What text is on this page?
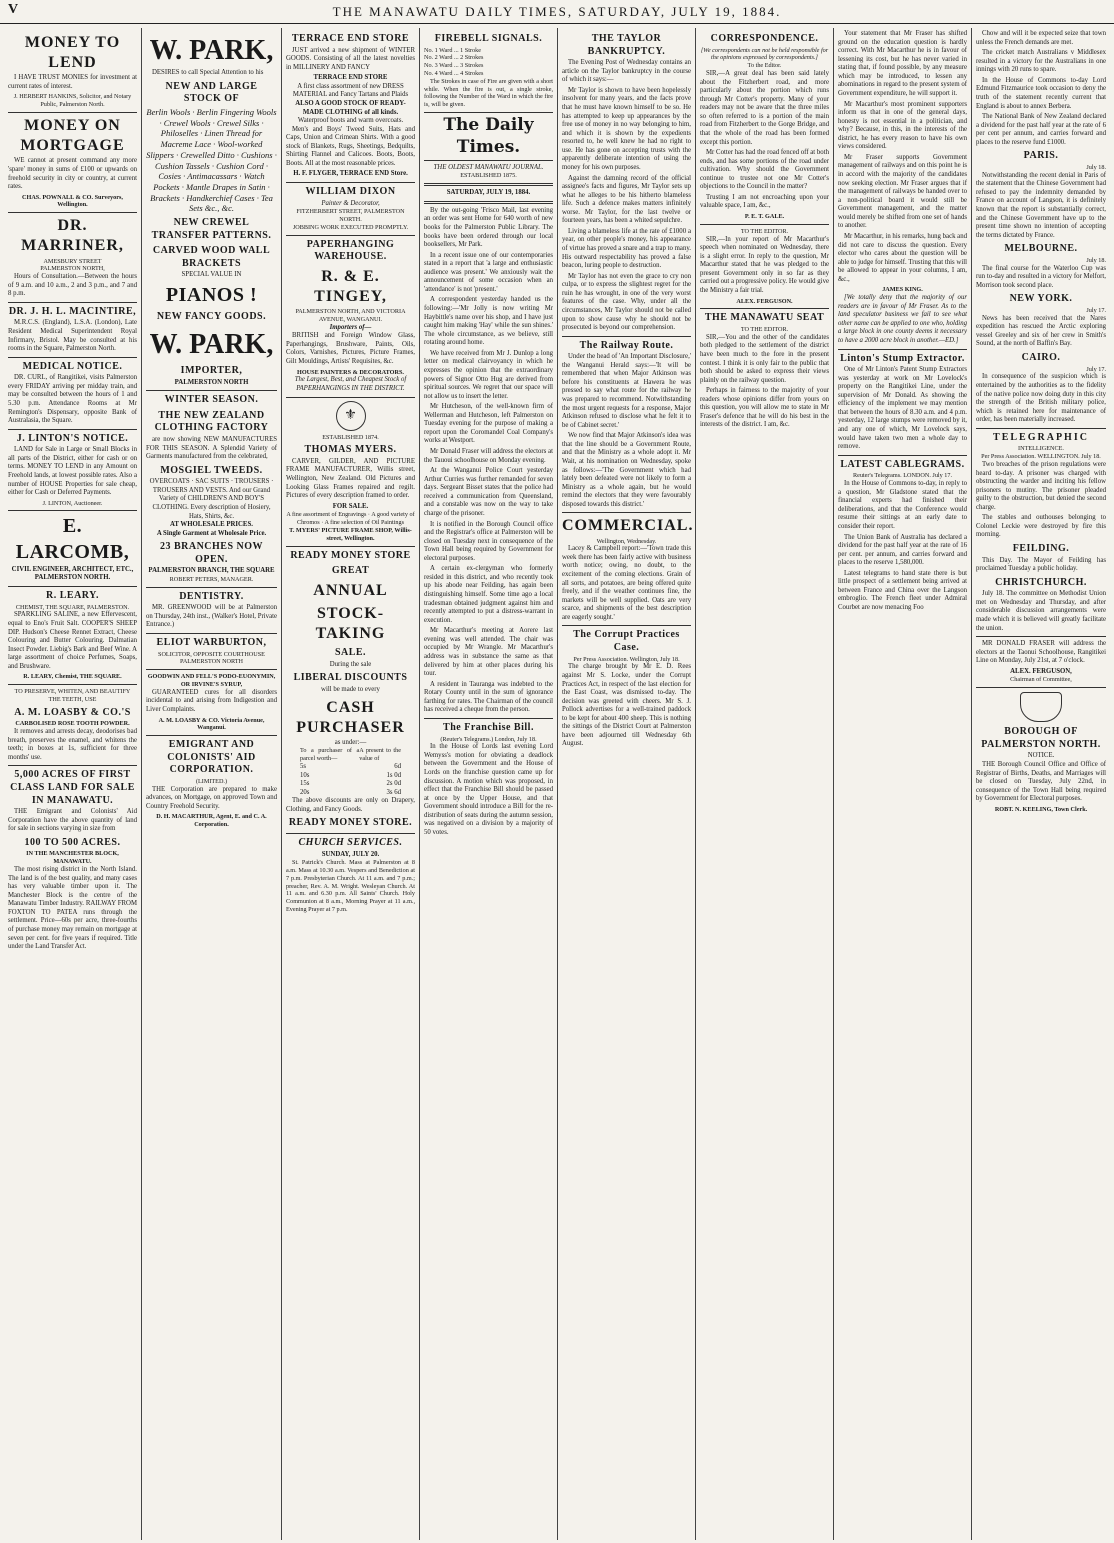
V	THE MANAWATU DAILY TIMES, SATURDAY, JULY 19, 1884.
MONEY TO LEND

I HAVE TRUST MONIES for investment at current rates of interest.

J. HERBERT HANKINS, Solicitor, and Notary Public, Palmerston North.
MONEY ON MORTGAGE

WE cannot at present command any more 'spare' money in sums of £100 or upwards on freehold security in city or country, at current rates.

CHAS. POWNALL & CO. Surveyors, Wellington.
DR. MARRINER,
AMESBURY STREET
PALMERSTON NORTH,

Hours of Consultation.—Between the hours of 9 a.m. and 10 a.m., 2 and 3 p.m., and 7 and 8 p.m.

DR. J. H. L. MACINTIRE,

M.R.C.S. (England), L.S.A. (London), Late Resident Medical Superintendent Royal Infirmary, Bristol. May be consulted at his rooms in the Square, Palmerston North.

MEDICAL NOTICE.

DR. CURL, of Rangitikei, visits Palmerston every FRIDAY arriving per midday train, and may be consulted between the hours of 1 and 5.30 p.m. Attendance Rooms at Mr Remington's Dispensary, opposite Bank of Australasia, the Square.

J. LINTON'S NOTICE.

LAND for Sale in Large or Small Blocks in all parts of the District, either for cash or on terms. MONEY TO LEND in any Amount on Freehold lands, at lowest possible rates. Also a number of HOUSE Properties for sale cheap, either for Cash or Deferred Payments.

J. LINTON, Auctioneer.
E. LARCOMB,
CIVIL ENGINEER, ARCHITECT, ETC., PALMERSTON NORTH.
R. LEARY.
CHEMIST, THE SQUARE, PALMERSTON.

SPARKLING SALINE, a new Effervescent, equal to Eno's Fruit Salt. COOPER'S SHEEP DIP. Hudson's Cheese Rennet Extract, Cheese Colouring and Butter Colouring. Dalmatian Insect Powder. Liebig's Bark and Beef Wine. A large assortment of choice Perfumes, Soaps, and Brushware.

R. LEARY, Chemist, THE SQUARE.
TO PRESERVE, WHITEN, AND BEAUTIFY THE TEETH, USE
A. M. LOASBY & CO.'S
CARBOLISED ROSE TOOTH POWDER.

It removes and arrests decay, deodorises bad breath, preserves the enamel, and whitens the teeth; in boxes at 1s, sufficient for three months' use.

5,000 ACRES OF FIRST CLASS LAND FOR SALE IN MANAWATU.

THE Emigrant and Colonists' Aid Corporation have the above quantity of land for sale in sections varying in size from

100 TO 500 ACRES.
IN THE MANCHESTER BLOCK, MANAWATU.

The most rising district in the North Island. The land is of the best quality, and many cases has very valuable timber upon it. The Manchester Block is the centre of the Manawatu Timber Industry. RAILWAY FROM FOXTON TO PATEA runs through the settlement. Price—60s per acre, three-fourths of purchase money may remain on mortgage at seven per cent. for five years if required. Title under the Land Transfer Act.

W. PARK,

DESIRES to call Special Attention to his

NEW AND LARGE STOCK OF
Berlin Wools · Berlin Fingering Wools · Crewel Wools · Crewel Silks · Philoselles · Linen Thread for Macreme Lace · Wool-worked Slippers · Crewelled Ditto · Cushions · Cushion Tassels · Cushion Cord · Cosies · Antimacassars · Watch Pockets · Mantle Drapes in Satin · Brackets · Handkerchief Cases · Tea Sets &c., &c.
NEW CREWEL TRANSFER PATTERNS.
CARVED WOOD WALL BRACKETS
SPECIAL VALUE IN
PIANOS !
NEW FANCY GOODS.
W. PARK,
IMPORTER,
PALMERSTON NORTH
WINTER SEASON.
THE NEW ZEALAND CLOTHING FACTORY

are now showing NEW MANUFACTURES FOR THIS SEASON. A Splendid Variety of Garments manufactured from the celebrated,

MOSGIEL TWEEDS.
OVERCOATS · SAC SUITS · TROUSERS · TROUSERS AND VESTS. And our Grand Variety of CHILDREN'S AND BOY'S CLOTHING. Every description of Hosiery, Hats, Shirts, &c.
AT WHOLESALE PRICES.
A Single Garment at Wholesale Price.
23 BRANCHES NOW OPEN.
PALMERSTON BRANCH, THE SQUARE
ROBERT PETERS, MANAGER.
DENTISTRY.

MR. GREENWOOD will be at Palmerston on Thursday, 24th inst., (Walker's Hotel, Private Entrance.)

ELIOT WARBURTON,
SOLICITOR, OPPOSITE COURTHOUSE PALMERSTON NORTH
GOODWIN AND FELL'S PODO-EUONYMIN, OR IRVINE'S SYRUP,

GUARANTEED cures for all disorders incidental to and arising from Indigestion and Liver Complaints.

A. M. LOASBY & CO. Victoria Avenue, Wanganui.
EMIGRANT AND COLONISTS' AID CORPORATION.
(LIMITED.)

THE Corporation are prepared to make advances, on Mortgage, on approved Town and Country Freehold Security.

D. H. MACARTHUR, Agent, E. and C. A. Corporation.
TERRACE END STORE

JUST arrived a new shipment of WINTER GOODS. Consisting of all the latest novelties in MILLINERY AND FANCY

TERRACE END STORE
A first class assortment of new DRESS MATERIAL and Fancy Tartans and Plaids
ALSO A GOOD STOCK OF READY-MADE CLOTHING of all kinds.
Waterproof boots and warm overcoats.

Men's and Boys' Tweed Suits, Hats and Caps, Union and Crimean Shirts. With a good stock of Blankets, Rugs, Sheetings, Bedquilts, Shirting Flannel and Calicoes. Boots, Boots, Boots. All at the most reasonable prices.

H. F. FLYGER, TERRACE END Store.
WILLIAM DIXON
Painter & Decorator,
FITZHERBERT STREET, PALMERSTON NORTH.
JOBBING WORK EXECUTED PROMPTLY.
PAPERHANGING WAREHOUSE.
R. & E. TINGEY,
PALMERSTON NORTH, AND VICTORIA AVENUE, WANGANUI.
Importers of—

BRITISH and Foreign Window Glass, Paperhangings, Brushware, Paints, Oils, Colors, Varnishes, Pictures, Picture Frames, Gilt Mouldings, Artists' Requisites, &c.

HOUSE PAINTERS & DECORATORS.
The Largest, Best, and Cheapest Stock of PAPERHANGINGS IN THE DISTRICT.
⚜
ESTABLISHED 1874.
THOMAS MYERS.

CARVER, GILDER, AND PICTURE FRAME MANUFACTURER, Willis street, Wellington, New Zealand. Old Pictures and Looking Glass Frames repaired and regilt. Pictures of every description framed to order.

FOR SALE.
A fine assortment of Engravings · A good variety of Chromos · A fine selection of Oil Paintings
T. MYERS' PICTURE FRAME SHOP, Willis-street, Wellington.
READY MONEY STORE
GREAT
ANNUAL
STOCK-TAKING
SALE.
During the sale
LIBERAL DISCOUNTS
will be made to every
CASH PURCHASER
as under:—
To a purchaser of a parcel worth—
A present to the value of
5s	6d
10s	1s 0d
15s	2s 0d
20s	3s 6d

The above discounts are only on Drapery, Clothing, and Fancy Goods.

READY MONEY STORE.
CHURCH SERVICES.
SUNDAY, JULY 20.

St. Patrick's Church. Mass at Palmerston at 8 a.m. Mass at 10.30 a.m. Vespers and Benediction at 7 p.m. Presbyterian Church. At 11 a.m. and 7 p.m.; preacher, Rev. A. M. Wright. Wesleyan Church. At 11 a.m. and 6.30 p.m. All Saints' Church. Holy Communion at 8 a.m., Morning Prayer at 11 a.m., Evening Prayer at 7 p.m.

FIREBELL SIGNALS.
No. 1 Ward ... 1 Stroke
No. 2 Ward ... 2 Strokes
No. 3 Ward ... 3 Strokes
No. 4 Ward ... 4 Strokes

The Strokes in case of Fire are given with a short while. When the fire is out, a single stroke, following the Number of the Ward in which the fire is, will be given.

The Daily Times.
THE OLDEST MANAWATU JOURNAL.
ESTABLISHED 1875.
SATURDAY, JULY 19, 1884.

By the out-going 'Frisco Mail, last evening an order was sent Home for 640 worth of new books for the Palmerston Public Library. The books have been ordered through our local booksellers, Mr Park.

In a recent issue one of our contemporaries stated in a report that 'a large and enthusiastic audience was present.' We anxiously wait the announcement of some occasion when an 'attendance' is not 'present.'

A correspondent yesterday handed us the following:—'Mr Jolly is now writing Mr Haybittle's name over his shop, and I have just caught him making 'Hay' while the sun shines.' The whole circumstance, as we believe, still rotating around home.

We have received from Mr J. Dunlop a long letter on medical clairvoyancy in which he expresses the opinion that the extraordinary powers of Signor Otto Hug are derived from spiritual sources. We regret that our space will not allow us to insert the letter.

Mr Hutcheson, of the well-known firm of Wellerman and Hutcheson, left Palmerston on Tuesday evening for the purpose of making a report upon the Coromandel Coal Company's works at Westport.

Mr Donald Fraser will address the electors at the Tauoui schoolhouse on Monday evening.

At the Wanganui Police Court yesterday Arthur Curries was further remanded for seven days. Sergeant Bisset states that the police had received a communication from Queensland, and a constable was now on the way to take charge of the prisoner.

It is notified in the Borough Council office and the Registrar's office at Palmerston will be closed on Tuesday next in consequence of the Town Hall being required by Government for electoral purposes.

A certain ex-clergyman who formerly resided in this district, and who recently took up his abode near Feilding, has again been distinguishing himself. Some time ago a local tradesman obtained judgment against him and recently attempted to put a distress-warrant in execution.

Mr Macarthur's meeting at Aorere last evening was well attended. The chair was occupied by Mr Wrangle. Mr Macarthur's address was in substance the same as that delivered by him at other places during his tour.

A resident in Tauranga was indebted to the Rotary County until in the sum of ignorance farthing for rates. The Chairman of the council has received a cheque from the person.

The Franchise Bill.
(Reuter's Telegrams.) London, July 18.

In the House of Lords last evening Lord Wemyss's motion for obviating a deadlock between the Government and the House of Lords on the franchise question came up for discussion. A motion which was proposed, in effect that the Franchise Bill should be passed at once by the Upper House, and that Government should introduce a Bill for the re-distribution of seats during the autumn session, was negatived on a division by a majority of 50 votes.

THE TAYLOR BANKRUPTCY.

The Evening Post of Wednesday contains an article on the Taylor bankruptcy in the course of which it says:—

Mr Taylor is shown to have been hopelessly insolvent for many years, and the facts prove that he must have known himself to be so. He has attempted to keep up appearances by the free use of money in no way belonging to him, and which it is shown by the expedients resorted to, he well knew he had no right to use. He has gone on accepting trusts with the apparently deliberate intention of using the money for his own purposes.

Against the damning record of the official assignee's facts and figures, Mr Taylor sets up what he alleges to be his hitherto blameless life. Such a defence makes matters infinitely worse. Mr Taylor, for the last twelve or fourteen years, has been a whited sepulchre.

Living a blameless life at the rate of £1000 a year, on other people's money, his appearance of virtue has proved a snare and a trap to many. His outward respectability has proved a false beacon, luring people to destruction.

Mr Taylor has not even the grace to cry non culpa, or to express the slightest regret for the ruin he has wrought, in one of the very worst features of the case. Why, under all the circumstances, Mr Taylor should not be called upon to show cause why he should not be prosecuted is beyond our comprehension.

The Railway Route.

Under the head of 'An Important Disclosure,' the Wanganui Herald says:—'It will be remembered that when Major Atkinson was before his constituents at Hawera he was pressed to say what route for the railway he was prepared to recommend. Notwithstanding the most urgent requests for a response, Major Atkinson refused to disclose what he felt it to be of Cabinet secret.'

We now find that Major Atkinson's idea was that the line should be a Government Route, and that the Ministry as a whole adopt it. Mr Wait, at his nomination on Wednesday, spoke as follows:—'The Government which had lately been defeated were not likely to form a Ministry as a whole again, but he would remind the electors that they were favourably disposed towards this district.'

COMMERCIAL.
Wellington, Wednesday.

Lacey & Campbell report:—'Town trade this week there has been fairly active with business worth notice; owing, no doubt, to the excitement of the coming elections. Grain of all sorts, and potatoes, are being offered quite freely, and if the weather continues fine, the markets will be well supplied. Oats are very scarce, and shipments of the best description are eagerly sought.'

The Corrupt Practices Case.
Per Press Association. Wellington, July 18.

The charge brought by Mr E. D. Rees against Mr S. Locke, under the Corrupt Practices Act, in respect of the last election for the East Coast, was dismissed to-day. The decision was greeted with cheers. Mr S. J. Pollock advertises for a well-trained paddock to be kept for about 400 sheep. This is nothing the sittings of the District Court at Palmerston have been adjourned till Wednesday 6th August.

CORRESPONDENCE.
[We correspondents can not be held responsible for the opinions expressed by correspondents.]
To the Editor.

SIR,—A great deal has been said lately about the Fitzherbert road, and more particularly about the portion which runs through Mr Cotter's property. Many of your readers may not be aware that the three miles so often referred to is a portion of the main road from Fitzherbert to the Gorge Bridge, and that the whole of the road has been formed except this portion.

Mr Cotter has had the road fenced off at both ends, and has some portions of the road under cultivation. Why should the Government continue to trustee not one Mr Cotter's objections to the Council in the matter?

Trusting I am not encroaching upon your valuable space, I am, &c.,

P. E. T. GALE.
TO THE EDITOR.

SIR,—In your report of Mr Macarthur's speech when nominated on Wednesday, there is a slight error. In reply to the question, Mr Macarthur stated that he was pledged to the present Government only in so far as they carried out a progressive policy. He would give the Ministry a fair trial.

ALEX. FERGUSON.
THE MANAWATU SEAT
TO THE EDITOR.

SIR,—You and the other of the candidates both pledged to the settlement of the district have been much to the fore in the present contest. I think it is only fair to the public that both should be asked to express their views plainly on the railway question.

Perhaps in fairness to the majority of your readers whose opinions differ from yours on this question, you will allow me to state in Mr Fraser's defence that he will do his best in the interests of the district. I am, &c.

Your statement that Mr Fraser has shifted ground on the education question is hardly correct. With Mr Macarthur he is in favour of lessening its cost, but he has never varied in stating that, if found possible, by any measure which may be introduced, to lessen any abominations in regard to the present system of Government expenditure, he will support it.

Mr Macarthur's most prominent supporters inform us that in one of the general days, honesty is not essential in a politician, and why? Because, in this, in the interests of the district, he has every reason to have his own views considered.

Mr Fraser supports Government management of railways and on this point he is in accord with the majority of the candidates now seeking election. Mr Fraser argues that if the management of railways be handed over to a non-political board it would still be Government management, and the matter would merely be shifted from one set of hands to another.

Mr Macarthur, in his remarks, hung back and did not care to discuss the question. Every elector who cares about the question will be able to judge for himself. Trusting that this will be allowed to appear in your columns, I am, &c.,

JAMES KING.

[We totally deny that the majority of our readers are in favour of Mr Fraser. As to the land speculator business we fail to see what other name can be applied to one who, holding a large block in one county deems it necessary to have a 2000 acre block in another.—ED.]

Linton's Stump Extractor.

One of Mr Linton's Patent Stump Extractors was yesterday at work on Mr Lovelock's property on the Rangitikei Line, under the supervision of Mr Donald. As showing the efficiency of the implement we may mention that between the hours of 8.30 a.m. and 4 p.m. yesterday, 12 large stumps were removed by it, and any one of which, Mr Lovelock says, would have taken two men a whole day to remove.

LATEST CABLEGRAMS.
Reuter's Telegrams. LONDON. July 17.

In the House of Commons to-day, in reply to a question, Mr Gladstone stated that the financial experts had finished their deliberations, and that the Conference would resume their sittings at an early date to consider their report.

The Union Bank of Australia has declared a dividend for the past half year at the rate of 16 per cent. per annum, and carries forward and places to the reserve 1,580,000.

Latest telegrams to hand state there is but little prospect of a settlement being arrived at between France and China over the Langson embroglio. The French fleet under Admiral Courbet are now menacing Foo

Chow and will it be expected seize that town unless the French demands are met.

The cricket match Australians v Middlesex resulted in a victory for the Australians in one innings with 20 runs to spare.

In the House of Commons to-day Lord Edmund Fitzmaurice took occasion to deny the truth of the statement recently current that England is about to annex Berbera.

The National Bank of New Zealand declared a dividend for the past half year at the rate of 6 per cent per annum, and carries forward and places to the reserve fund £1000.

PARIS.
July 18.

Notwithstanding the recent denial in Paris of the statement that the Chinese Government had refused to pay the indemnity demanded by France on account of Langson, it is definitely known that the report is substantially correct, and the Chinese Government have up to the present time shown no intention of accepting the terms dictated by France.

MELBOURNE.
July 18.

The final course for the Waterloo Cup was run to-day and resulted in a victory for Melfort, Morrison took second place.

NEW YORK.
July 17.

News has been received that the Nares expedition has rescued the Arctic exploring vessel Greeley and six of her crew in Smith's Sound, at the north of Baffin's Bay.

CAIRO.
July 17.

In consequence of the suspicion which is entertained by the authorities as to the fidelity of the native police now doing duty in this city the strength of the British military police, which is retained here for maintenance of order, has been materially increased.

TELEGRAPHIC
INTELLIGENCE.
Per Press Association. WELLINGTON. July 18.

Two breaches of the prison regulations were heard to-day. A prisoner was charged with obstructing the warder and inciting his fellow prisoners to mutiny. The prisoner pleaded guilty to the obstruction, but denied the second charge.

The stables and outhouses belonging to Colonel Leckie were destroyed by fire this morning.

FEILDING.

This Day. The Mayor of Feilding has proclaimed Tuesday a public holiday.

CHRISTCHURCH.

July 18. The committee on Methodist Union met on Wednesday and Thursday, and after considerable discussion arrangements were made which it is believed will greatly facilitate the union.

MR DONALD FRASER will address the electors at the Taonui Schoolhouse, Rangitikei Line on Monday, July 21st, at 7 o'clock.

ALEX. FERGUSON,
Chairman of Committee,
BOROUGH OF PALMERSTON NORTH.
NOTICE.

THE Borough Council Office and Office of Registrar of Births, Deaths, and Marriages will be closed on Tuesday, July 22nd, in consequence of the Town Hall being required by Government for Electoral purposes.

ROBT. N. KEELING, Town Clerk.
